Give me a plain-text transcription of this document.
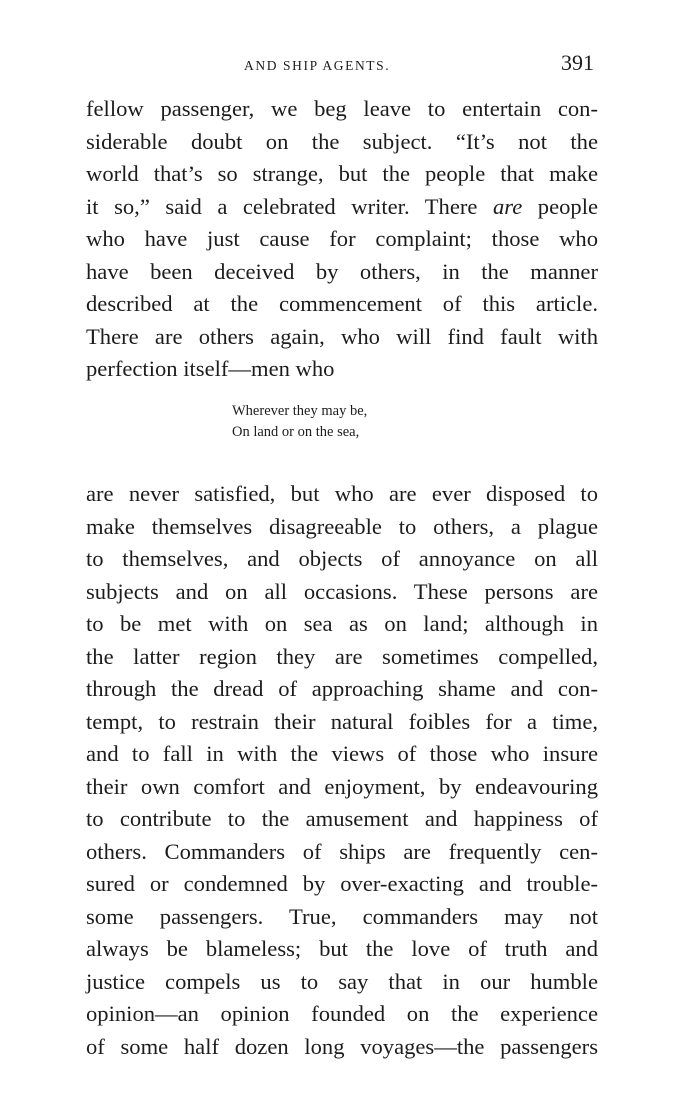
AND SHIP AGENTS.	391
fellow passenger, we beg leave to entertain con-
siderable doubt on the subject. “It’s not the
world that’s so strange, but the people that make
it so,” said a celebrated writer. There are people
who have just cause for complaint; those who
have been deceived by others, in the manner
described at the commencement of this article.
There are others again, who will find fault with
perfection itself—men who
Wherever they may be,
On land or on the sea,
are never satisfied, but who are ever disposed to
make themselves disagreeable to others, a plague
to themselves, and objects of annoyance on all
subjects and on all occasions. These persons are
to be met with on sea as on land; although in
the latter region they are sometimes compelled,
through the dread of approaching shame and con-
tempt, to restrain their natural foibles for a time,
and to fall in with the views of those who insure
their own comfort and enjoyment, by endeavouring
to contribute to the amusement and happiness of
others. Commanders of ships are frequently cen-
sured or condemned by over-exacting and trouble-
some passengers. True, commanders may not
always be blameless; but the love of truth and
justice compels us to say that in our humble
opinion—an opinion founded on the experience
of some half dozen long voyages—the passengers
